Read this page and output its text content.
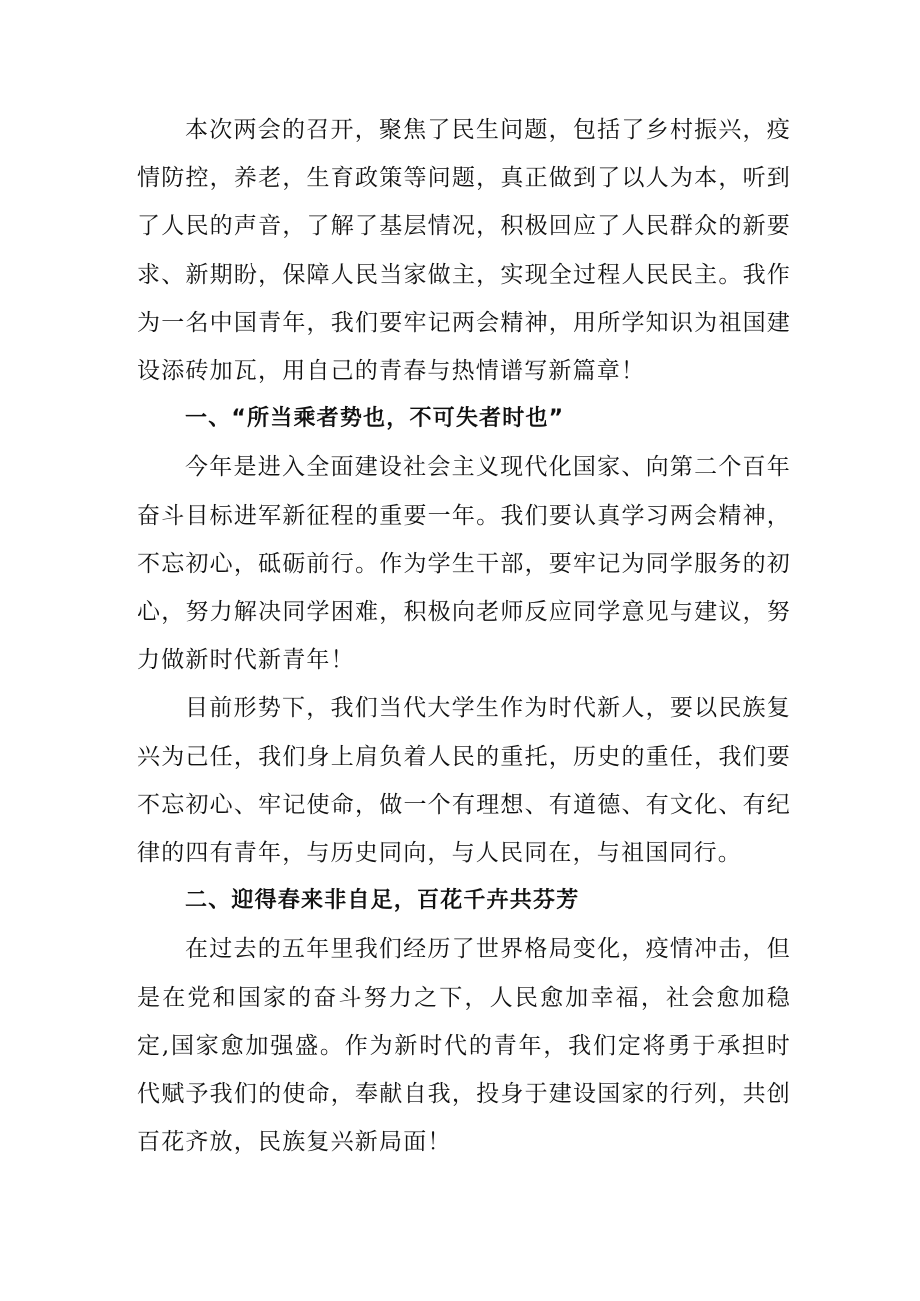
本次两会的召开，聚焦了民生问题，包括了乡村振兴，疫情防控，养老，生育政策等问题，真正做到了以人为本，听到了人民的声音，了解了基层情况，积极回应了人民群众的新要求、新期盼，保障人民当家做主，实现全过程人民民主。我作为一名中国青年，我们要牢记两会精神，用所学知识为祖国建设添砖加瓦，用自己的青春与热情谱写新篇章！

一、“所当乘者势也，不可失者时也”

今年是进入全面建设社会主义现代化国家、向第二个百年奋斗目标进军新征程的重要一年。我们要认真学习两会精神，不忘初心，砥砺前行。作为学生干部，要牢记为同学服务的初心，努力解决同学困难，积极向老师反应同学意见与建议，努力做新时代新青年！

目前形势下，我们当代大学生作为时代新人，要以民族复兴为己任，我们身上肩负着人民的重托，历史的重任，我们要不忘初心、牢记使命，做一个有理想、有道德、有文化、有纪律的四有青年，与历史同向，与人民同在，与祖国同行。

二、迎得春来非自足，百花千卉共芬芳

在过去的五年里我们经历了世界格局变化，疫情冲击，但是在党和国家的奋斗努力之下，人民愈加幸福，社会愈加稳定,国家愈加强盛。作为新时代的青年，我们定将勇于承担时代赋予我们的使命，奉献自我，投身于建设国家的行列，共创百花齐放，民族复兴新局面！
